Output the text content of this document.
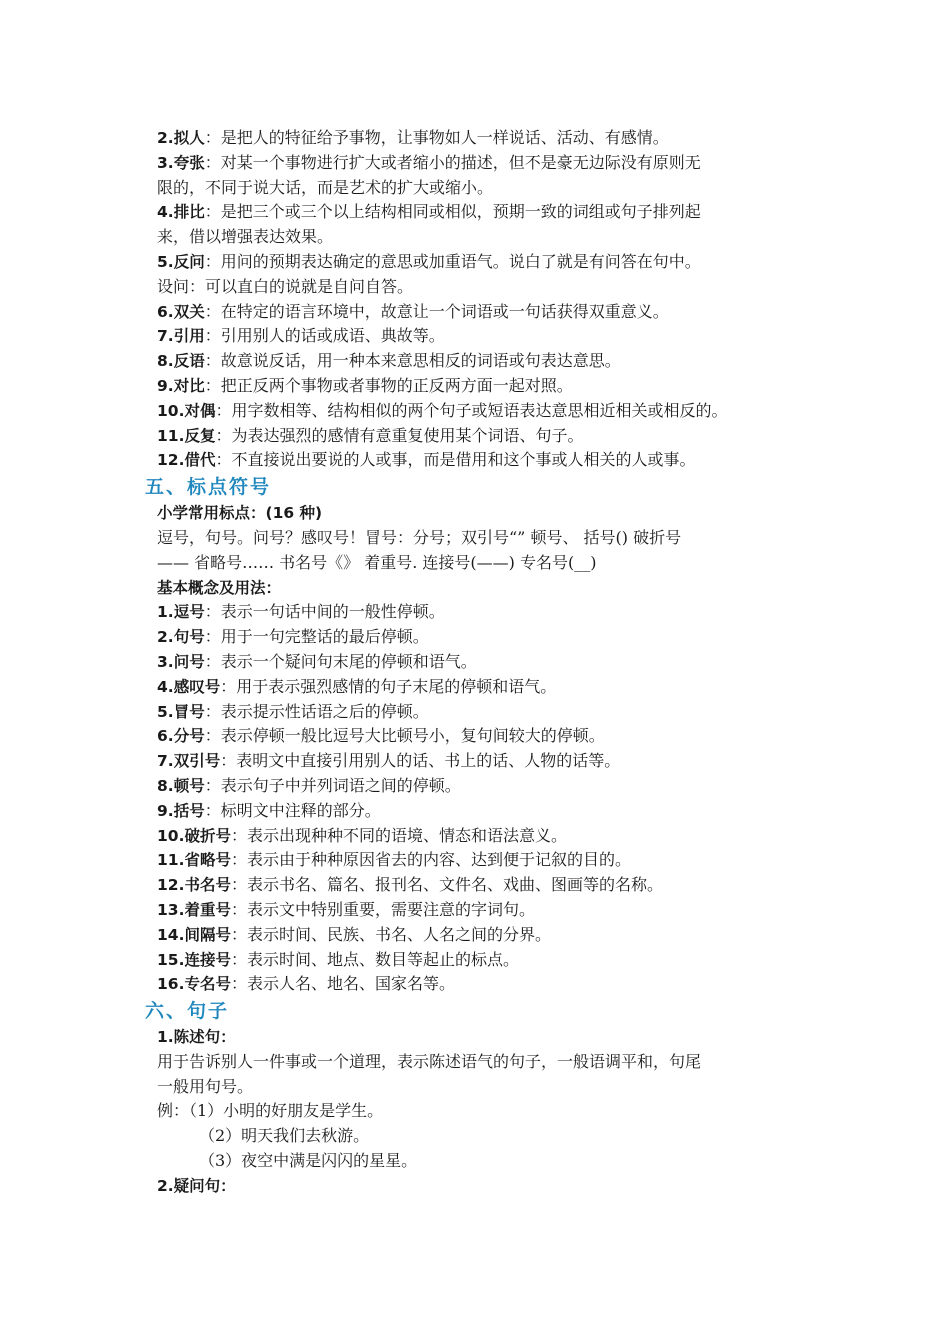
2.拟人：是把人的特征给予事物，让事物如人一样说话、活动、有感情。
3.夸张：对某一个事物进行扩大或者缩小的描述，但不是豪无边际没有原则无
限的，不同于说大话，而是艺术的扩大或缩小。
4.排比：是把三个或三个以上结构相同或相似，预期一致的词组或句子排列起
来，借以增强表达效果。
5.反问：用问的预期表达确定的意思或加重语气。说白了就是有问答在句中。
设问：可以直白的说就是自问自答。
6.双关：在特定的语言环境中，故意让一个词语或一句话获得双重意义。
7.引用：引用别人的话或成语、典故等。
8.反语：故意说反话，用一种本来意思相反的词语或句表达意思。
9.对比：把正反两个事物或者事物的正反两方面一起对照。
10.对偶：用字数相等、结构相似的两个句子或短语表达意思相近相关或相反的。
11.反复：为表达强烈的感情有意重复使用某个词语、句子。
12.借代：不直接说出要说的人或事，而是借用和这个事或人相关的人或事。
五、标点符号
小学常用标点：(16 种)
逗号，句号。问号？感叹号！冒号：分号；双引号“” 顿号、 括号() 破折号
—— 省略号…… 书名号《》 着重号. 连接号(——) 专名号(__)
基本概念及用法：
1.逗号：表示一句话中间的一般性停顿。
2.句号：用于一句完整话的最后停顿。
3.问号：表示一个疑问句末尾的停顿和语气。
4.感叹号：用于表示强烈感情的句子末尾的停顿和语气。
5.冒号：表示提示性话语之后的停顿。
6.分号：表示停顿一般比逗号大比顿号小，复句间较大的停顿。
7.双引号：表明文中直接引用别人的话、书上的话、人物的话等。
8.顿号：表示句子中并列词语之间的停顿。
9.括号：标明文中注释的部分。
10.破折号：表示出现种种不同的语境、情态和语法意义。
11.省略号：表示由于种种原因省去的内容、达到便于记叙的目的。
12.书名号：表示书名、篇名、报刊名、文件名、戏曲、图画等的名称。
13.着重号：表示文中特别重要，需要注意的字词句。
14.间隔号：表示时间、民族、书名、人名之间的分界。
15.连接号：表示时间、地点、数目等起止的标点。
16.专名号：表示人名、地名、国家名等。
六、句子
1.陈述句：
用于告诉别人一件事或一个道理，表示陈述语气的句子，一般语调平和，句尾
一般用句号。
例：（1）小明的好朋友是学生。
（2）明天我们去秋游。
（3）夜空中满是闪闪的星星。
2.疑问句：
